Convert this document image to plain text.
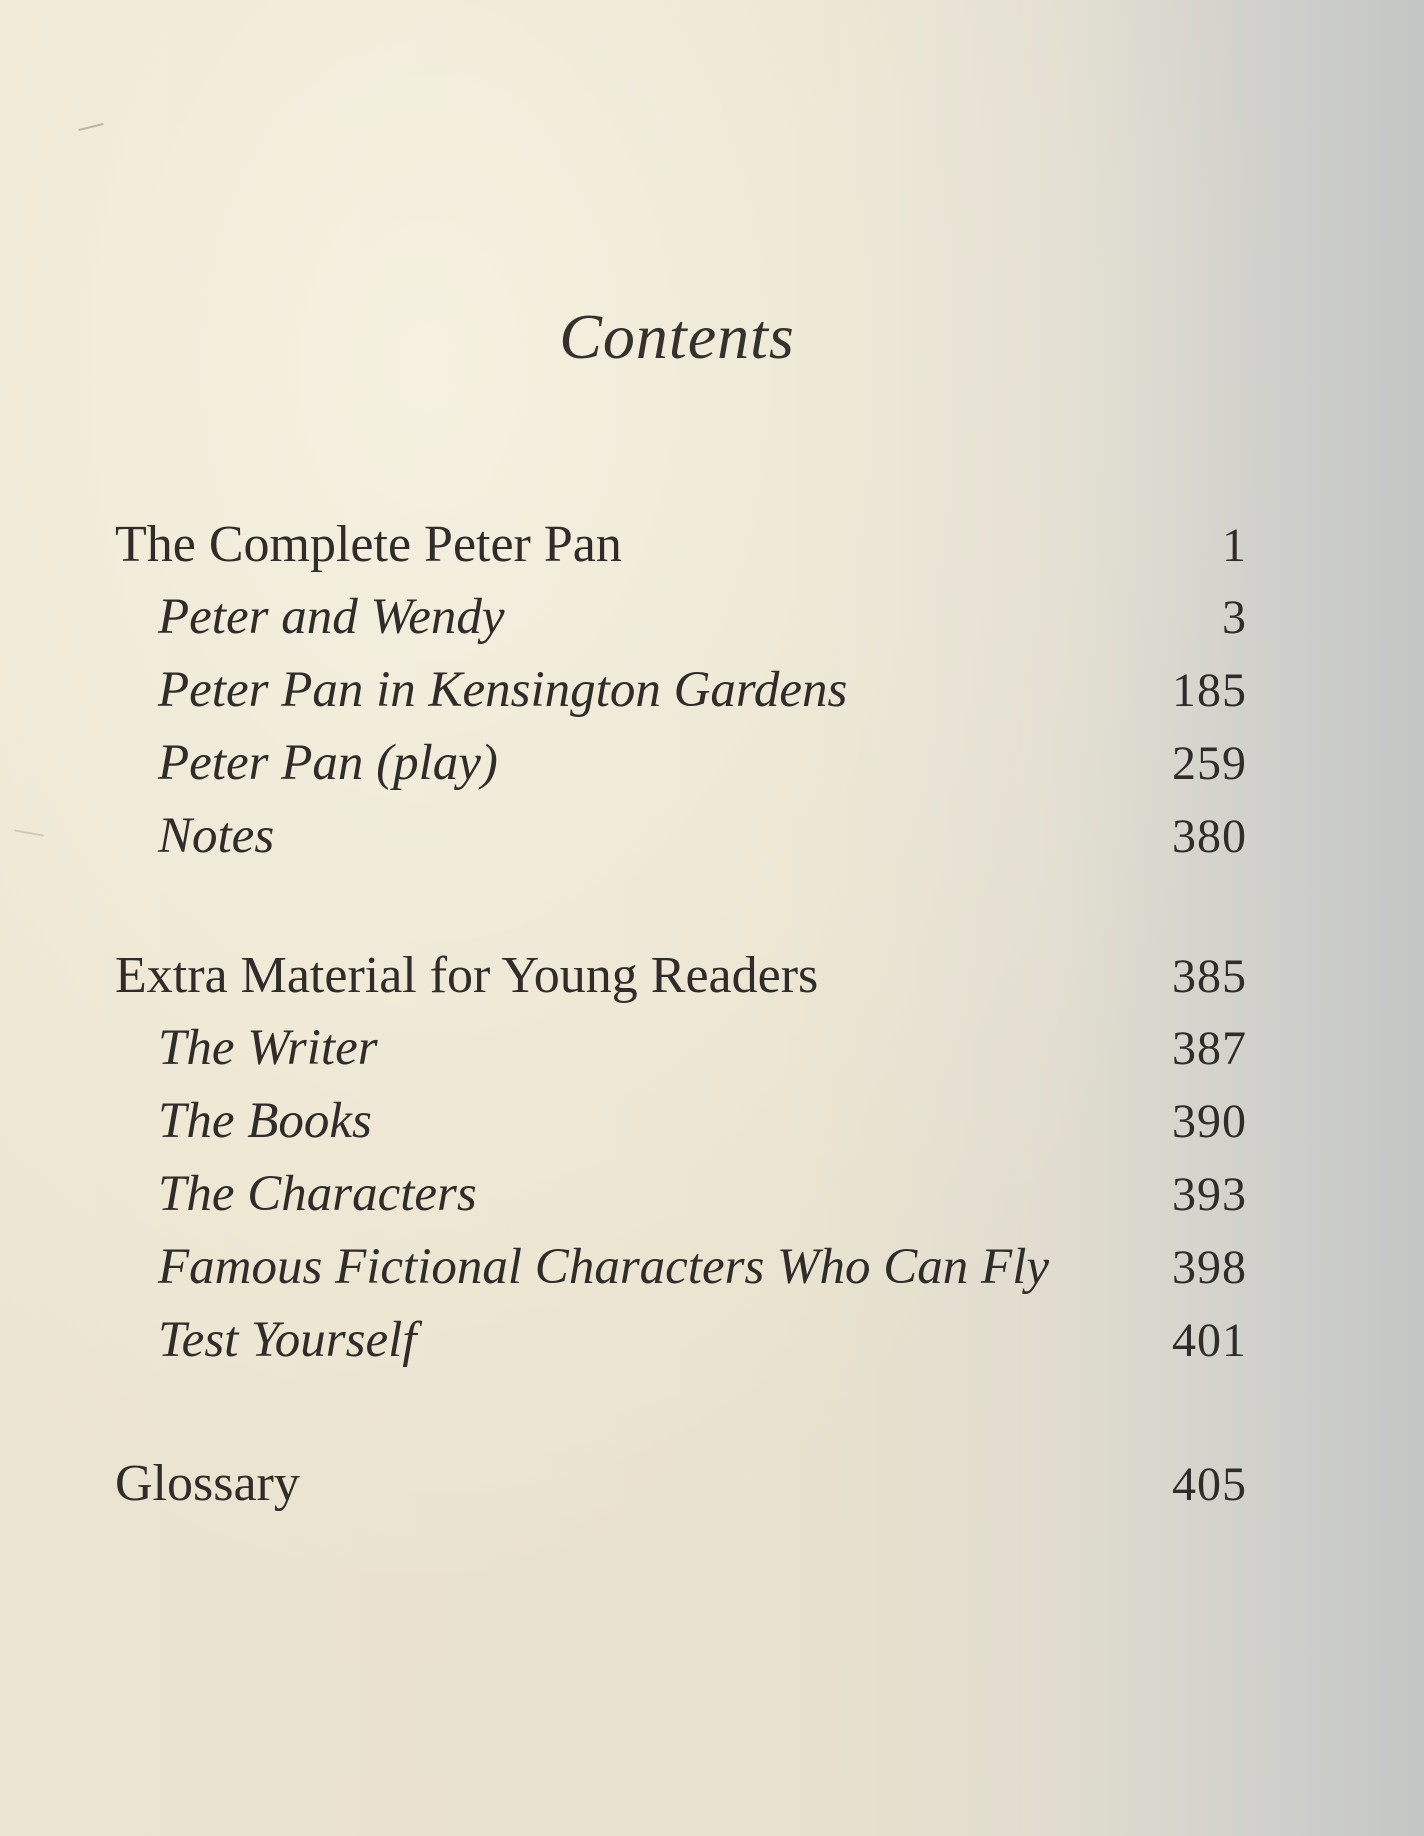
Contents
The Complete Peter Pan	1
Peter and Wendy	3
Peter Pan in Kensington Gardens	185
Peter Pan (play)	259
Notes	380
Extra Material for Young Readers	385
The Writer	387
The Books	390
The Characters	393
Famous Fictional Characters Who Can Fly	398
Test Yourself	401
Glossary	405
